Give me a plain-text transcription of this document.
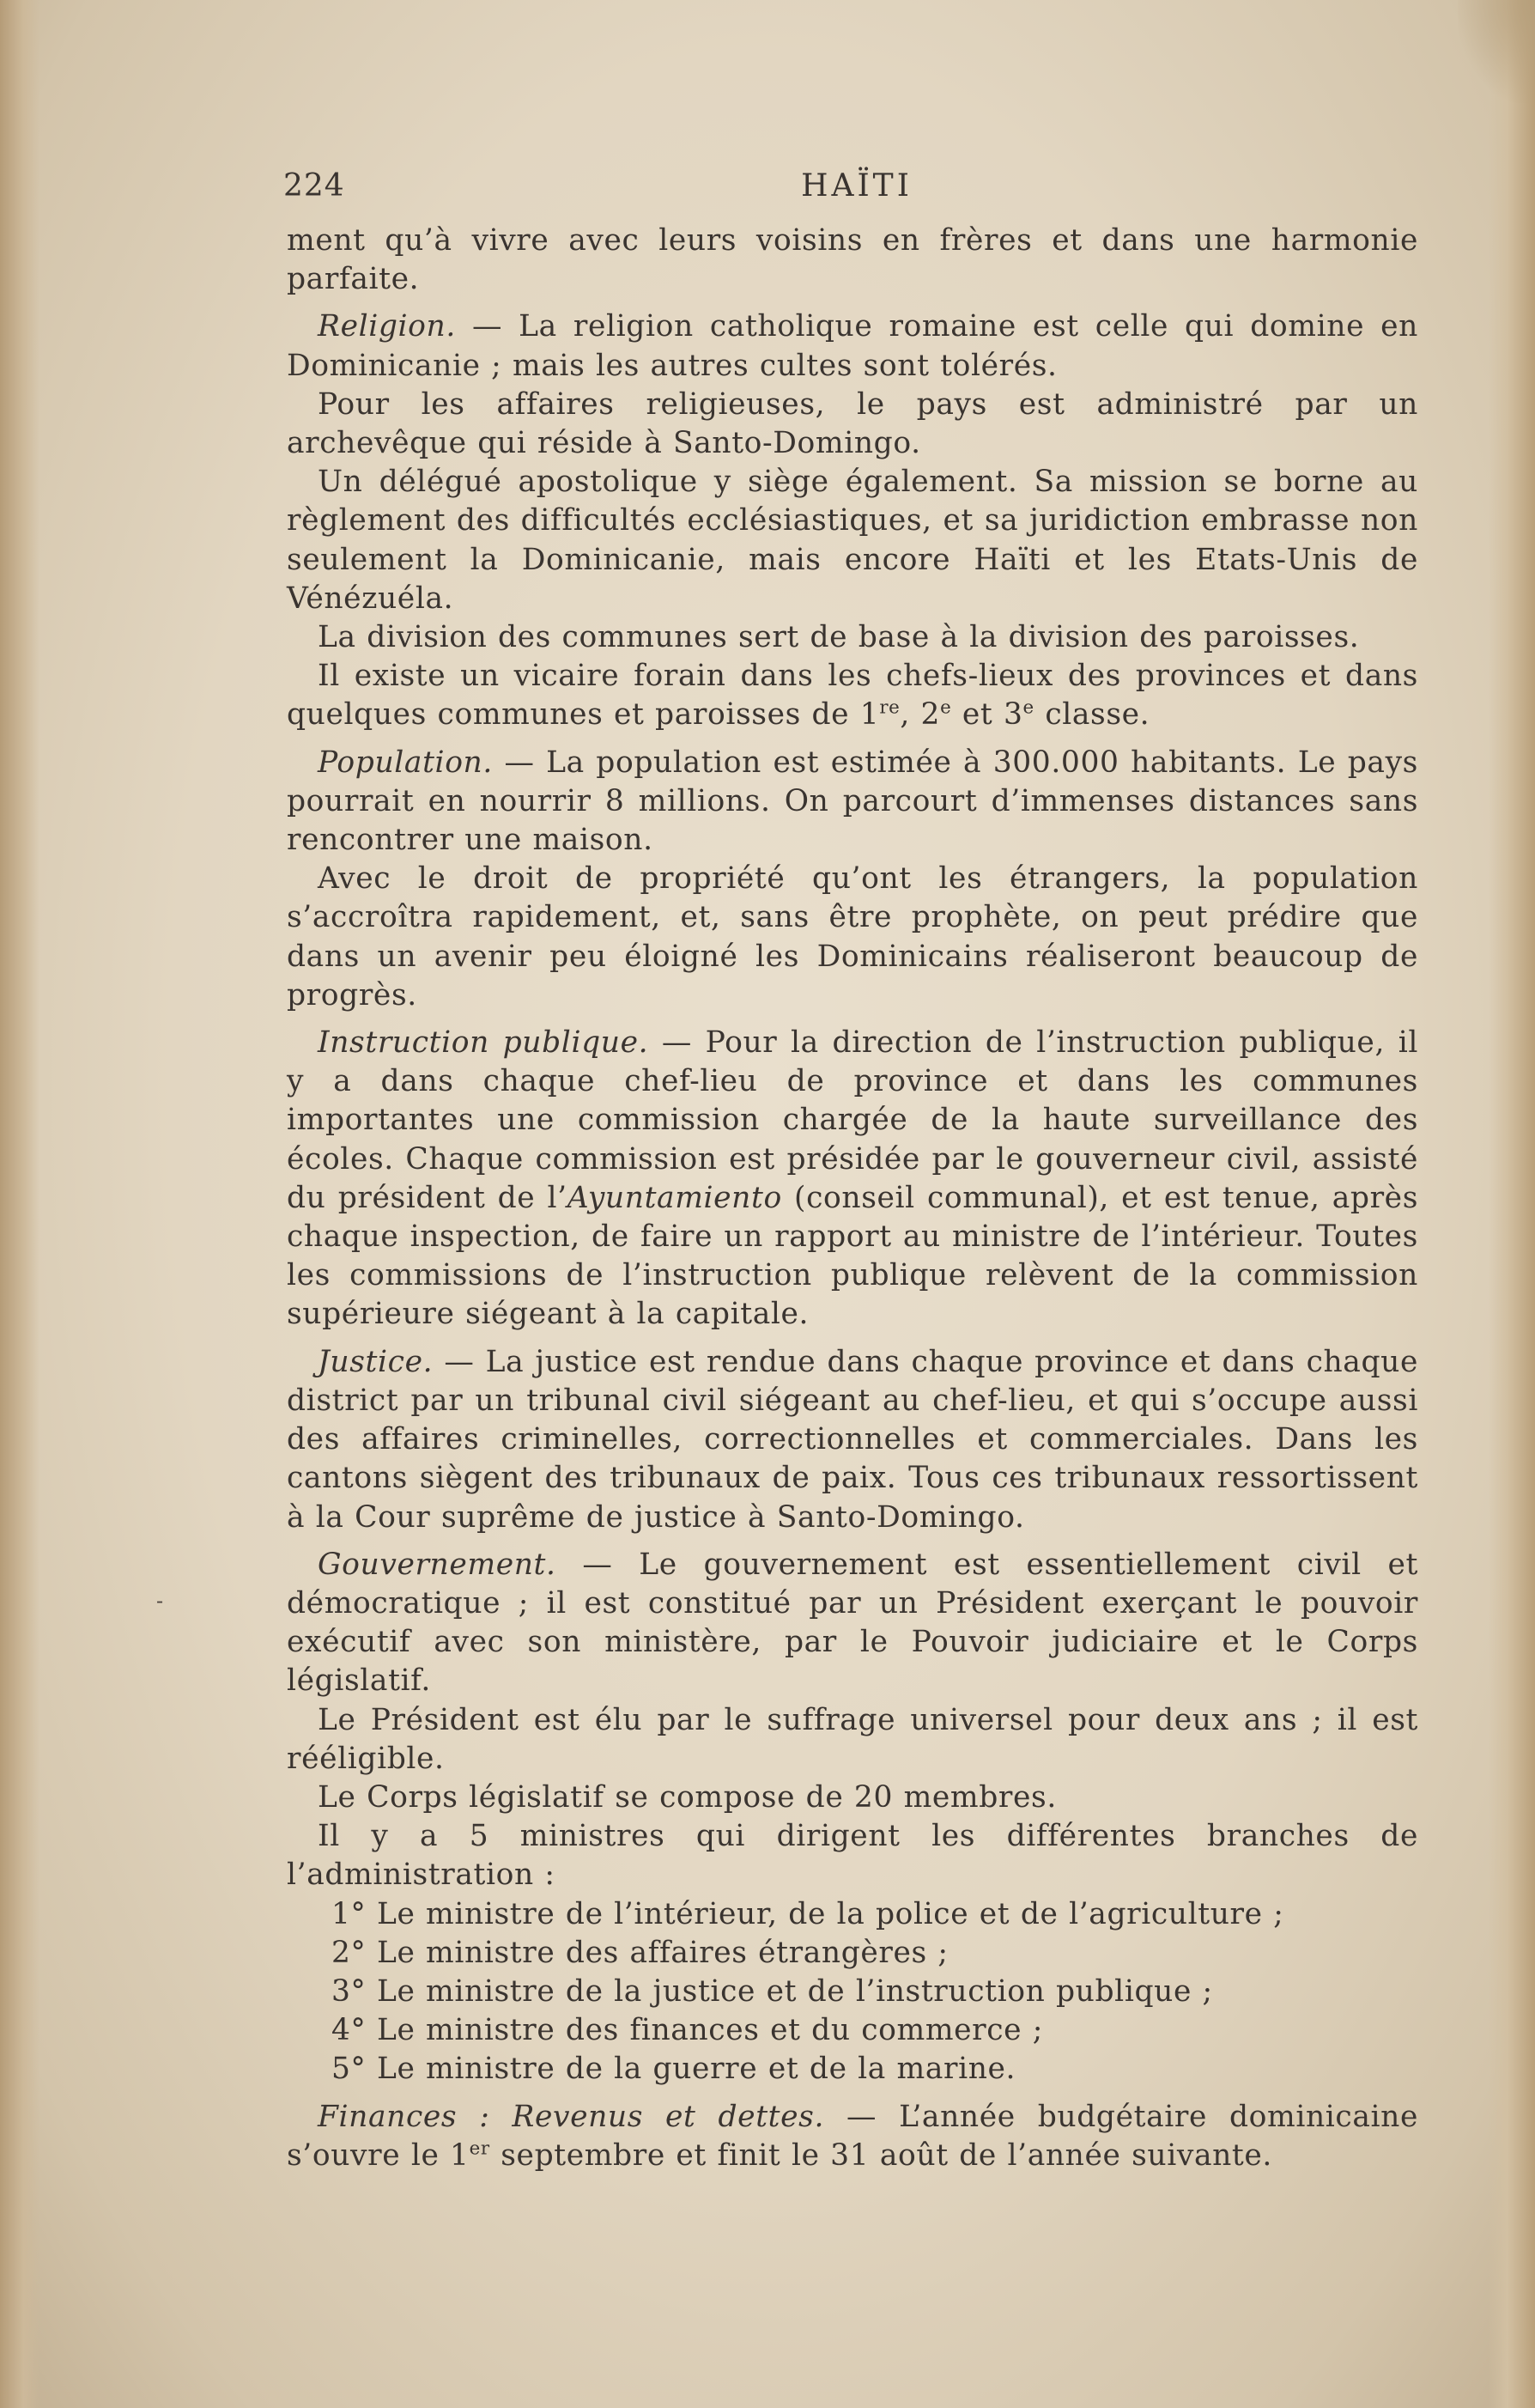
224	HAÏTI
‐

ment qu’à vivre avec leurs voisins en frères et dans une harmonie parfaite.

Religion. — La religion catholique romaine est celle qui domine en Dominicanie ; mais les autres cultes sont tolérés.

Pour les affaires religieuses, le pays est administré par un archevêque qui réside à Santo-Domingo.

Un délégué apostolique y siège également. Sa mission se borne au règlement des difficultés ecclésiastiques, et sa juridiction embrasse non seulement la Dominicanie, mais encore Haïti et les Etats-Unis de Vénézuéla.

La division des communes sert de base à la division des paroisses.

Il existe un vicaire forain dans les chefs-lieux des provinces et dans quelques communes et paroisses de 1re, 2e et 3e classe.

Population. — La population est estimée à 300.000 habitants. Le pays pourrait en nourrir 8 millions. On parcourt d’immenses distances sans rencontrer une maison.

Avec le droit de propriété qu’ont les étrangers, la population s’accroîtra rapidement, et, sans être prophète, on peut prédire que dans un avenir peu éloigné les Dominicains réaliseront beaucoup de progrès.

Instruction publique. — Pour la direction de l’instruction publique, il y a dans chaque chef-lieu de province et dans les communes importantes une commission chargée de la haute surveillance des écoles. Chaque commission est présidée par le gouverneur civil, assisté du président de l’Ayuntamiento (conseil communal), et est tenue, après chaque inspection, de faire un rapport au ministre de l’intérieur. Toutes les commissions de l’instruction publique relèvent de la commission supérieure siégeant à la capitale.

Justice. — La justice est rendue dans chaque province et dans chaque district par un tribunal civil siégeant au chef-lieu, et qui s’occupe aussi des affaires criminelles, correctionnelles et commerciales. Dans les cantons siègent des tribunaux de paix. Tous ces tribunaux ressortissent à la Cour suprême de justice à Santo-Domingo.

Gouvernement. — Le gouvernement est essentiellement civil et démocratique ; il est constitué par un Président exerçant le pouvoir exécutif avec son ministère, par le Pouvoir judiciaire et le Corps législatif.

Le Président est élu par le suffrage universel pour deux ans ; il est rééligible.

Le Corps législatif se compose de 20 membres.

Il y a 5 ministres qui dirigent les différentes branches de l’administration :

1° Le ministre de l’intérieur, de la police et de l’agriculture ;

2° Le ministre des affaires étrangères ;

3° Le ministre de la justice et de l’instruction publique ;

4° Le ministre des finances et du commerce ;

5° Le ministre de la guerre et de la marine.

Finances : Revenus et dettes. — L’année budgétaire dominicaine s’ouvre le 1er septembre et finit le 31 août de l’année suivante.
